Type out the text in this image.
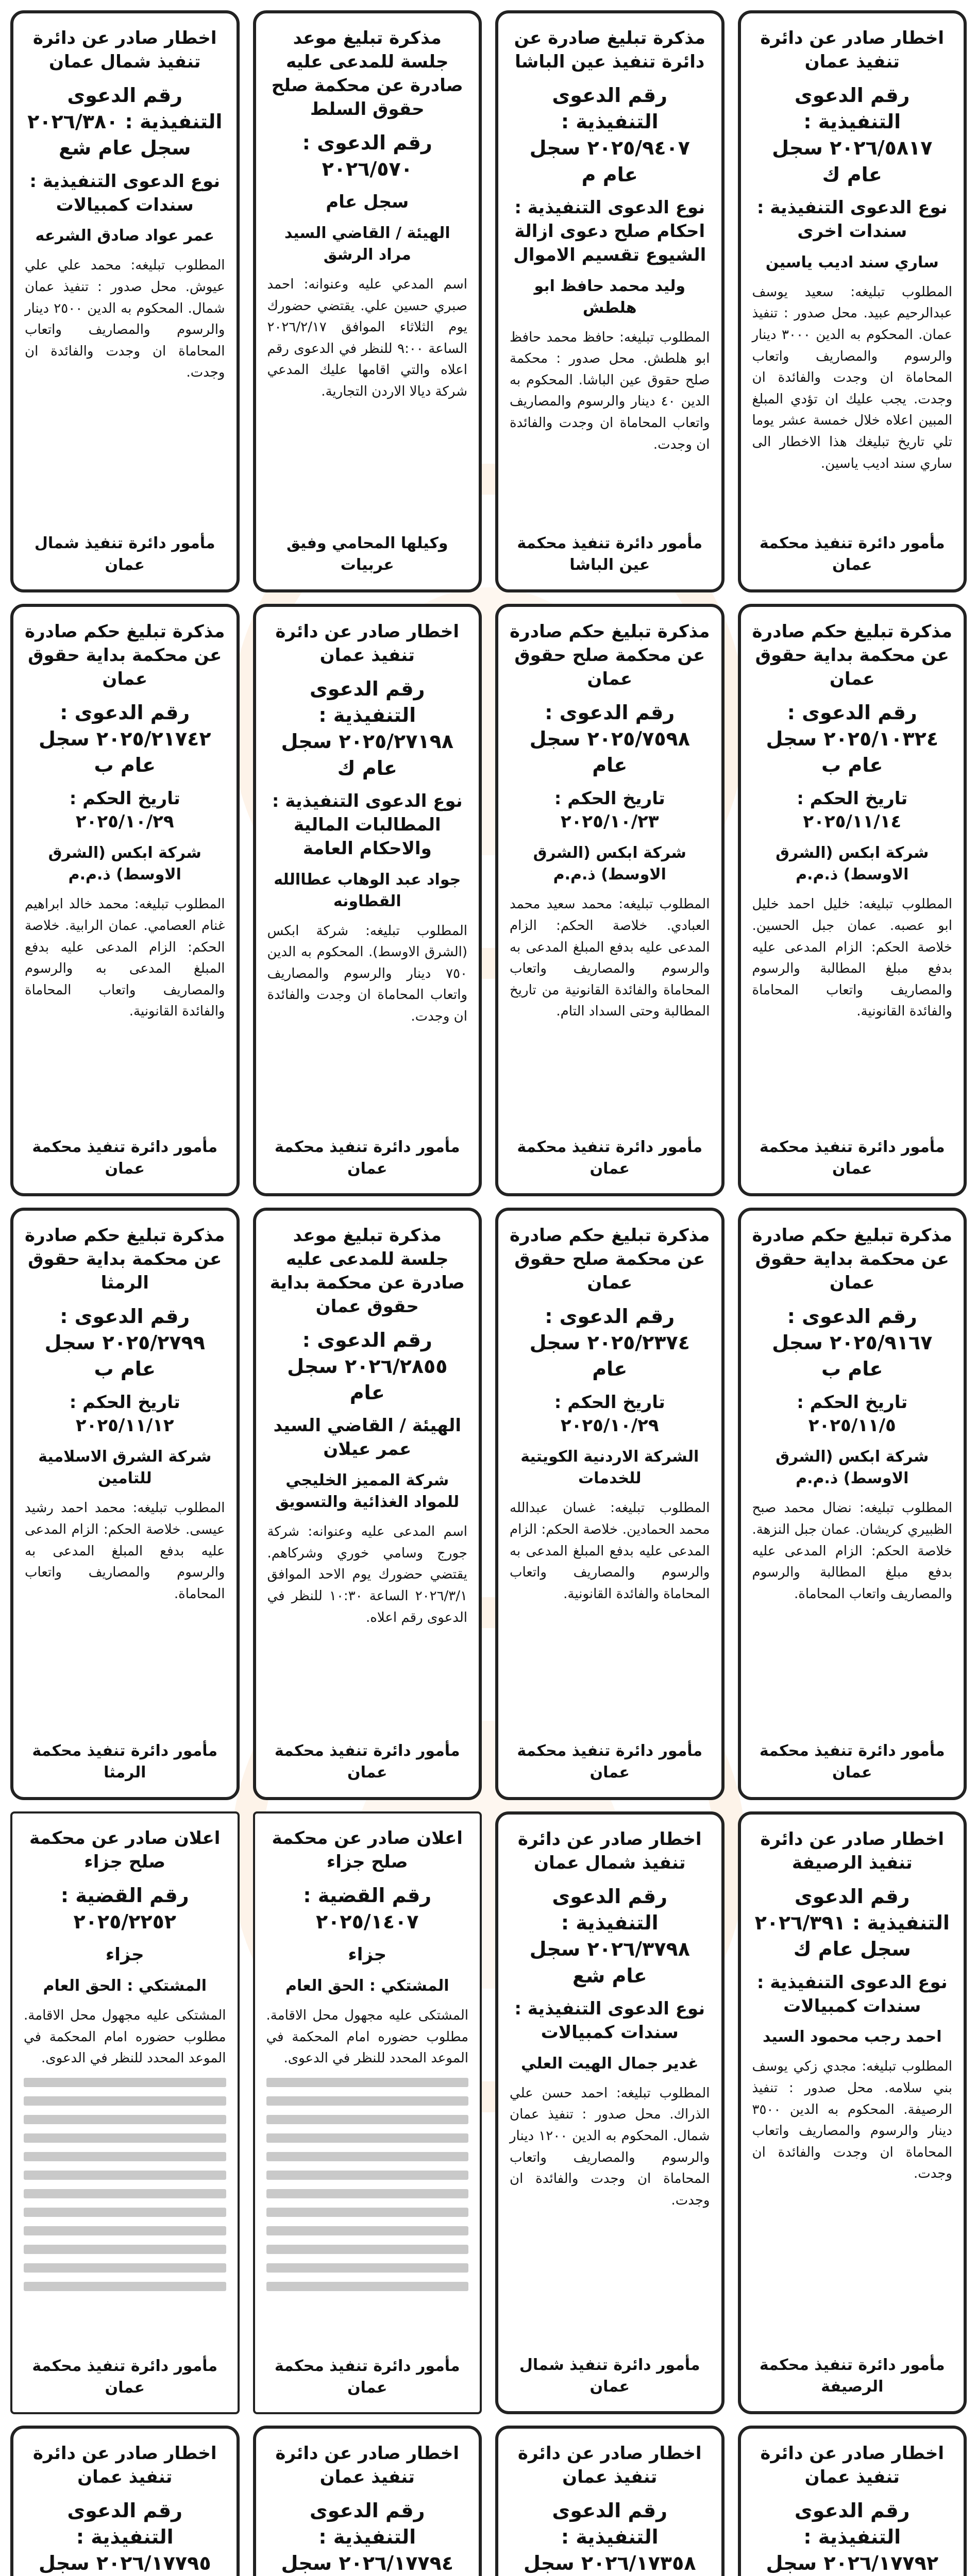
اخطار صادر عن دائرة تنفيذ عمان
رقم الدعوى التنفيذية : ٢٠٢٦/٥٨١٧ سجل عام ك
نوع الدعوى التنفيذية : سندات اخرى
ساري سند اديب ياسين
المطلوب تبليغه: سعيد يوسف عبدالرحيم عبيد. محل صدور : تنفيذ عمان. المحكوم به الدين ٣٠٠٠ دينار والرسوم والمصاريف واتعاب المحاماة ان وجدت والفائدة ان وجدت. يجب عليك ان تؤدي المبلغ المبين اعلاه خلال خمسة عشر يوما تلي تاريخ تبليغك هذا الاخطار الى ساري سند اديب ياسين.
مأمور دائرة تنفيذ محكمة عمان
مذكرة تبليغ صادرة عن دائرة تنفيذ عين الباشا
رقم الدعوى التنفيذية : ٢٠٢٥/٩٤٠٧ سجل عام م
نوع الدعوى التنفيذية : احكام صلح دعوى ازالة الشيوع تقسيم الاموال
وليد محمد حافظ ابو هلطش
المطلوب تبليغه: حافظ محمد حافظ ابو هلطش. محل صدور : محكمة صلح حقوق عين الباشا. المحكوم به الدين ٤٠ دينار والرسوم والمصاريف واتعاب المحاماة ان وجدت والفائدة ان وجدت.
مأمور دائرة تنفيذ محكمة عين الباشا
مذكرة تبليغ موعد جلسة للمدعى عليه صادرة عن محكمة صلح حقوق السلط
رقم الدعوى : ٢٠٢٦/٥٧٠
سجل عام
الهيئة / القاضي السيد مراد الرشق
اسم المدعي عليه وعنوانه: احمد صبري حسين علي. يقتضي حضورك يوم الثلاثاء الموافق ٢٠٢٦/٢/١٧ الساعة ٩:٠٠ للنظر في الدعوى رقم اعلاه والتي اقامها عليك المدعي شركة ديالا الاردن التجارية.
وكيلها المحامي وفيق عربيات
اخطار صادر عن دائرة تنفيذ شمال عمان
رقم الدعوى التنفيذية : ٢٠٢٦/٣٨٠ سجل عام شع
نوع الدعوى التنفيذية : سندات كمبيالات
عمر عواد صادق الشرعه
المطلوب تبليغه: محمد علي علي عيوش. محل صدور : تنفيذ عمان شمال. المحكوم به الدين ٢٥٠٠ دينار والرسوم والمصاريف واتعاب المحاماة ان وجدت والفائدة ان وجدت.
مأمور دائرة تنفيذ شمال عمان
مذكرة تبليغ حكم صادرة عن محكمة بداية حقوق عمان
رقم الدعوى : ٢٠٢٥/١٠٣٢٤ سجل عام ب
تاريخ الحكم : ٢٠٢٥/١١/١٤
شركة ابكس (الشرق الاوسط) ذ.م.م
المطلوب تبليغه: خليل احمد خليل ابو عصبه. عمان جبل الحسين. خلاصة الحكم: الزام المدعى عليه بدفع مبلغ المطالبة والرسوم والمصاريف واتعاب المحاماة والفائدة القانونية.
مأمور دائرة تنفيذ محكمة عمان
مذكرة تبليغ حكم صادرة عن محكمة صلح حقوق عمان
رقم الدعوى : ٢٠٢٥/٧٥٩٨ سجل عام
تاريخ الحكم : ٢٠٢٥/١٠/٢٣
شركة ابكس (الشرق الاوسط) ذ.م.م
المطلوب تبليغه: محمد سعيد محمد العبادي. خلاصة الحكم: الزام المدعى عليه بدفع المبلغ المدعى به والرسوم والمصاريف واتعاب المحاماة والفائدة القانونية من تاريخ المطالبة وحتى السداد التام.
مأمور دائرة تنفيذ محكمة عمان
اخطار صادر عن دائرة تنفيذ عمان
رقم الدعوى التنفيذية : ٢٠٢٥/٢٧١٩٨ سجل عام ك
نوع الدعوى التنفيذية : المطالبات المالية والاحكام العامة
جواد عبد الوهاب عطاالله القطاونه
المطلوب تبليغه: شركة ابكس (الشرق الاوسط). المحكوم به الدين ٧٥٠ دينار والرسوم والمصاريف واتعاب المحاماة ان وجدت والفائدة ان وجدت.
مأمور دائرة تنفيذ محكمة عمان
مذكرة تبليغ حكم صادرة عن محكمة بداية حقوق عمان
رقم الدعوى : ٢٠٢٥/٢١٧٤٢ سجل عام ب
تاريخ الحكم : ٢٠٢٥/١٠/٢٩
شركة ابكس (الشرق الاوسط) ذ.م.م
المطلوب تبليغه: محمد خالد ابراهيم غنام العصامي. عمان الرابية. خلاصة الحكم: الزام المدعى عليه بدفع المبلغ المدعى به والرسوم والمصاريف واتعاب المحاماة والفائدة القانونية.
مأمور دائرة تنفيذ محكمة عمان
مذكرة تبليغ حكم صادرة عن محكمة بداية حقوق عمان
رقم الدعوى : ٢٠٢٥/٩١٦٧ سجل عام ب
تاريخ الحكم : ٢٠٢٥/١١/٥
شركة ابكس (الشرق الاوسط) ذ.م.م
المطلوب تبليغه: نضال محمد صبح الظبيري كريشان. عمان جبل النزهة. خلاصة الحكم: الزام المدعى عليه بدفع مبلغ المطالبة والرسوم والمصاريف واتعاب المحاماة.
مأمور دائرة تنفيذ محكمة عمان
مذكرة تبليغ حكم صادرة عن محكمة صلح حقوق عمان
رقم الدعوى : ٢٠٢٥/٢٣٧٤ سجل عام
تاريخ الحكم : ٢٠٢٥/١٠/٢٩
الشركة الاردنية الكويتية للخدمات
المطلوب تبليغه: غسان عبدالله محمد الحمادين. خلاصة الحكم: الزام المدعى عليه بدفع المبلغ المدعى به والرسوم والمصاريف واتعاب المحاماة والفائدة القانونية.
مأمور دائرة تنفيذ محكمة عمان
مذكرة تبليغ موعد جلسة للمدعى عليه صادرة عن محكمة بداية حقوق عمان
رقم الدعوى : ٢٠٢٦/٢٨٥٥ سجل عام
الهيئة / القاضي السيد عمر عيلان
شركة المميز الخليجي للمواد الغذائية والتسويق
اسم المدعى عليه وعنوانه: شركة جورج وسامي خوري وشركاهم. يقتضي حضورك يوم الاحد الموافق ٢٠٢٦/٣/١ الساعة ١٠:٣٠ للنظر في الدعوى رقم اعلاه.
مأمور دائرة تنفيذ محكمة عمان
مذكرة تبليغ حكم صادرة عن محكمة بداية حقوق الرمثا
رقم الدعوى : ٢٠٢٥/٢٧٩٩ سجل عام ب
تاريخ الحكم : ٢٠٢٥/١١/١٢
شركة الشرق الاسلامية للتامين
المطلوب تبليغه: محمد احمد رشيد عيسى. خلاصة الحكم: الزام المدعى عليه بدفع المبلغ المدعى به والرسوم والمصاريف واتعاب المحاماة.
مأمور دائرة تنفيذ محكمة الرمثا
اخطار صادر عن دائرة تنفيذ الرصيفة
رقم الدعوى التنفيذية : ٢٠٢٦/٣٩١ سجل عام ك
نوع الدعوى التنفيذية : سندات كمبيالات
احمد رجب محمود السيد
المطلوب تبليغه: مجدي زكي يوسف بني سلامه. محل صدور : تنفيذ الرصيفة. المحكوم به الدين ٣٥٠٠ دينار والرسوم والمصاريف واتعاب المحاماة ان وجدت والفائدة ان وجدت.
مأمور دائرة تنفيذ محكمة الرصيفة
اخطار صادر عن دائرة تنفيذ شمال عمان
رقم الدعوى التنفيذية : ٢٠٢٦/٣٧٩٨ سجل عام شع
نوع الدعوى التنفيذية : سندات كمبيالات
غدير جمال الهيت العلي
المطلوب تبليغه: احمد حسن علي الذراك. محل صدور : تنفيذ عمان شمال. المحكوم به الدين ١٢٠٠ دينار والرسوم والمصاريف واتعاب المحاماة ان وجدت والفائدة ان وجدت.
مأمور دائرة تنفيذ شمال عمان
اعلان صادر عن محكمة صلح جزاء
رقم القضية : ٢٠٢٥/١٤٠٧
جزاء
المشتكي : الحق العام
المشتكى عليه مجهول محل الاقامة. مطلوب حضوره امام المحكمة في الموعد المحدد للنظر في الدعوى.
مأمور دائرة تنفيذ محكمة عمان
اعلان صادر عن محكمة صلح جزاء
رقم القضية : ٢٠٢٥/٢٢٥٢
جزاء
المشتكي : الحق العام
المشتكى عليه مجهول محل الاقامة. مطلوب حضوره امام المحكمة في الموعد المحدد للنظر في الدعوى.
مأمور دائرة تنفيذ محكمة عمان
اخطار صادر عن دائرة تنفيذ عمان
رقم الدعوى التنفيذية : ٢٠٢٦/١٧٧٩٢ سجل
اخطار صادر عن دائرة تنفيذ عمان
رقم الدعوى التنفيذية : ٢٠٢٦/١٧٣٥٨ سجل
اخطار صادر عن دائرة تنفيذ عمان
رقم الدعوى التنفيذية : ٢٠٢٦/١٧٧٩٤ سجل
اخطار صادر عن دائرة تنفيذ عمان
رقم الدعوى التنفيذية : ٢٠٢٦/١٧٧٩٥ سجل
